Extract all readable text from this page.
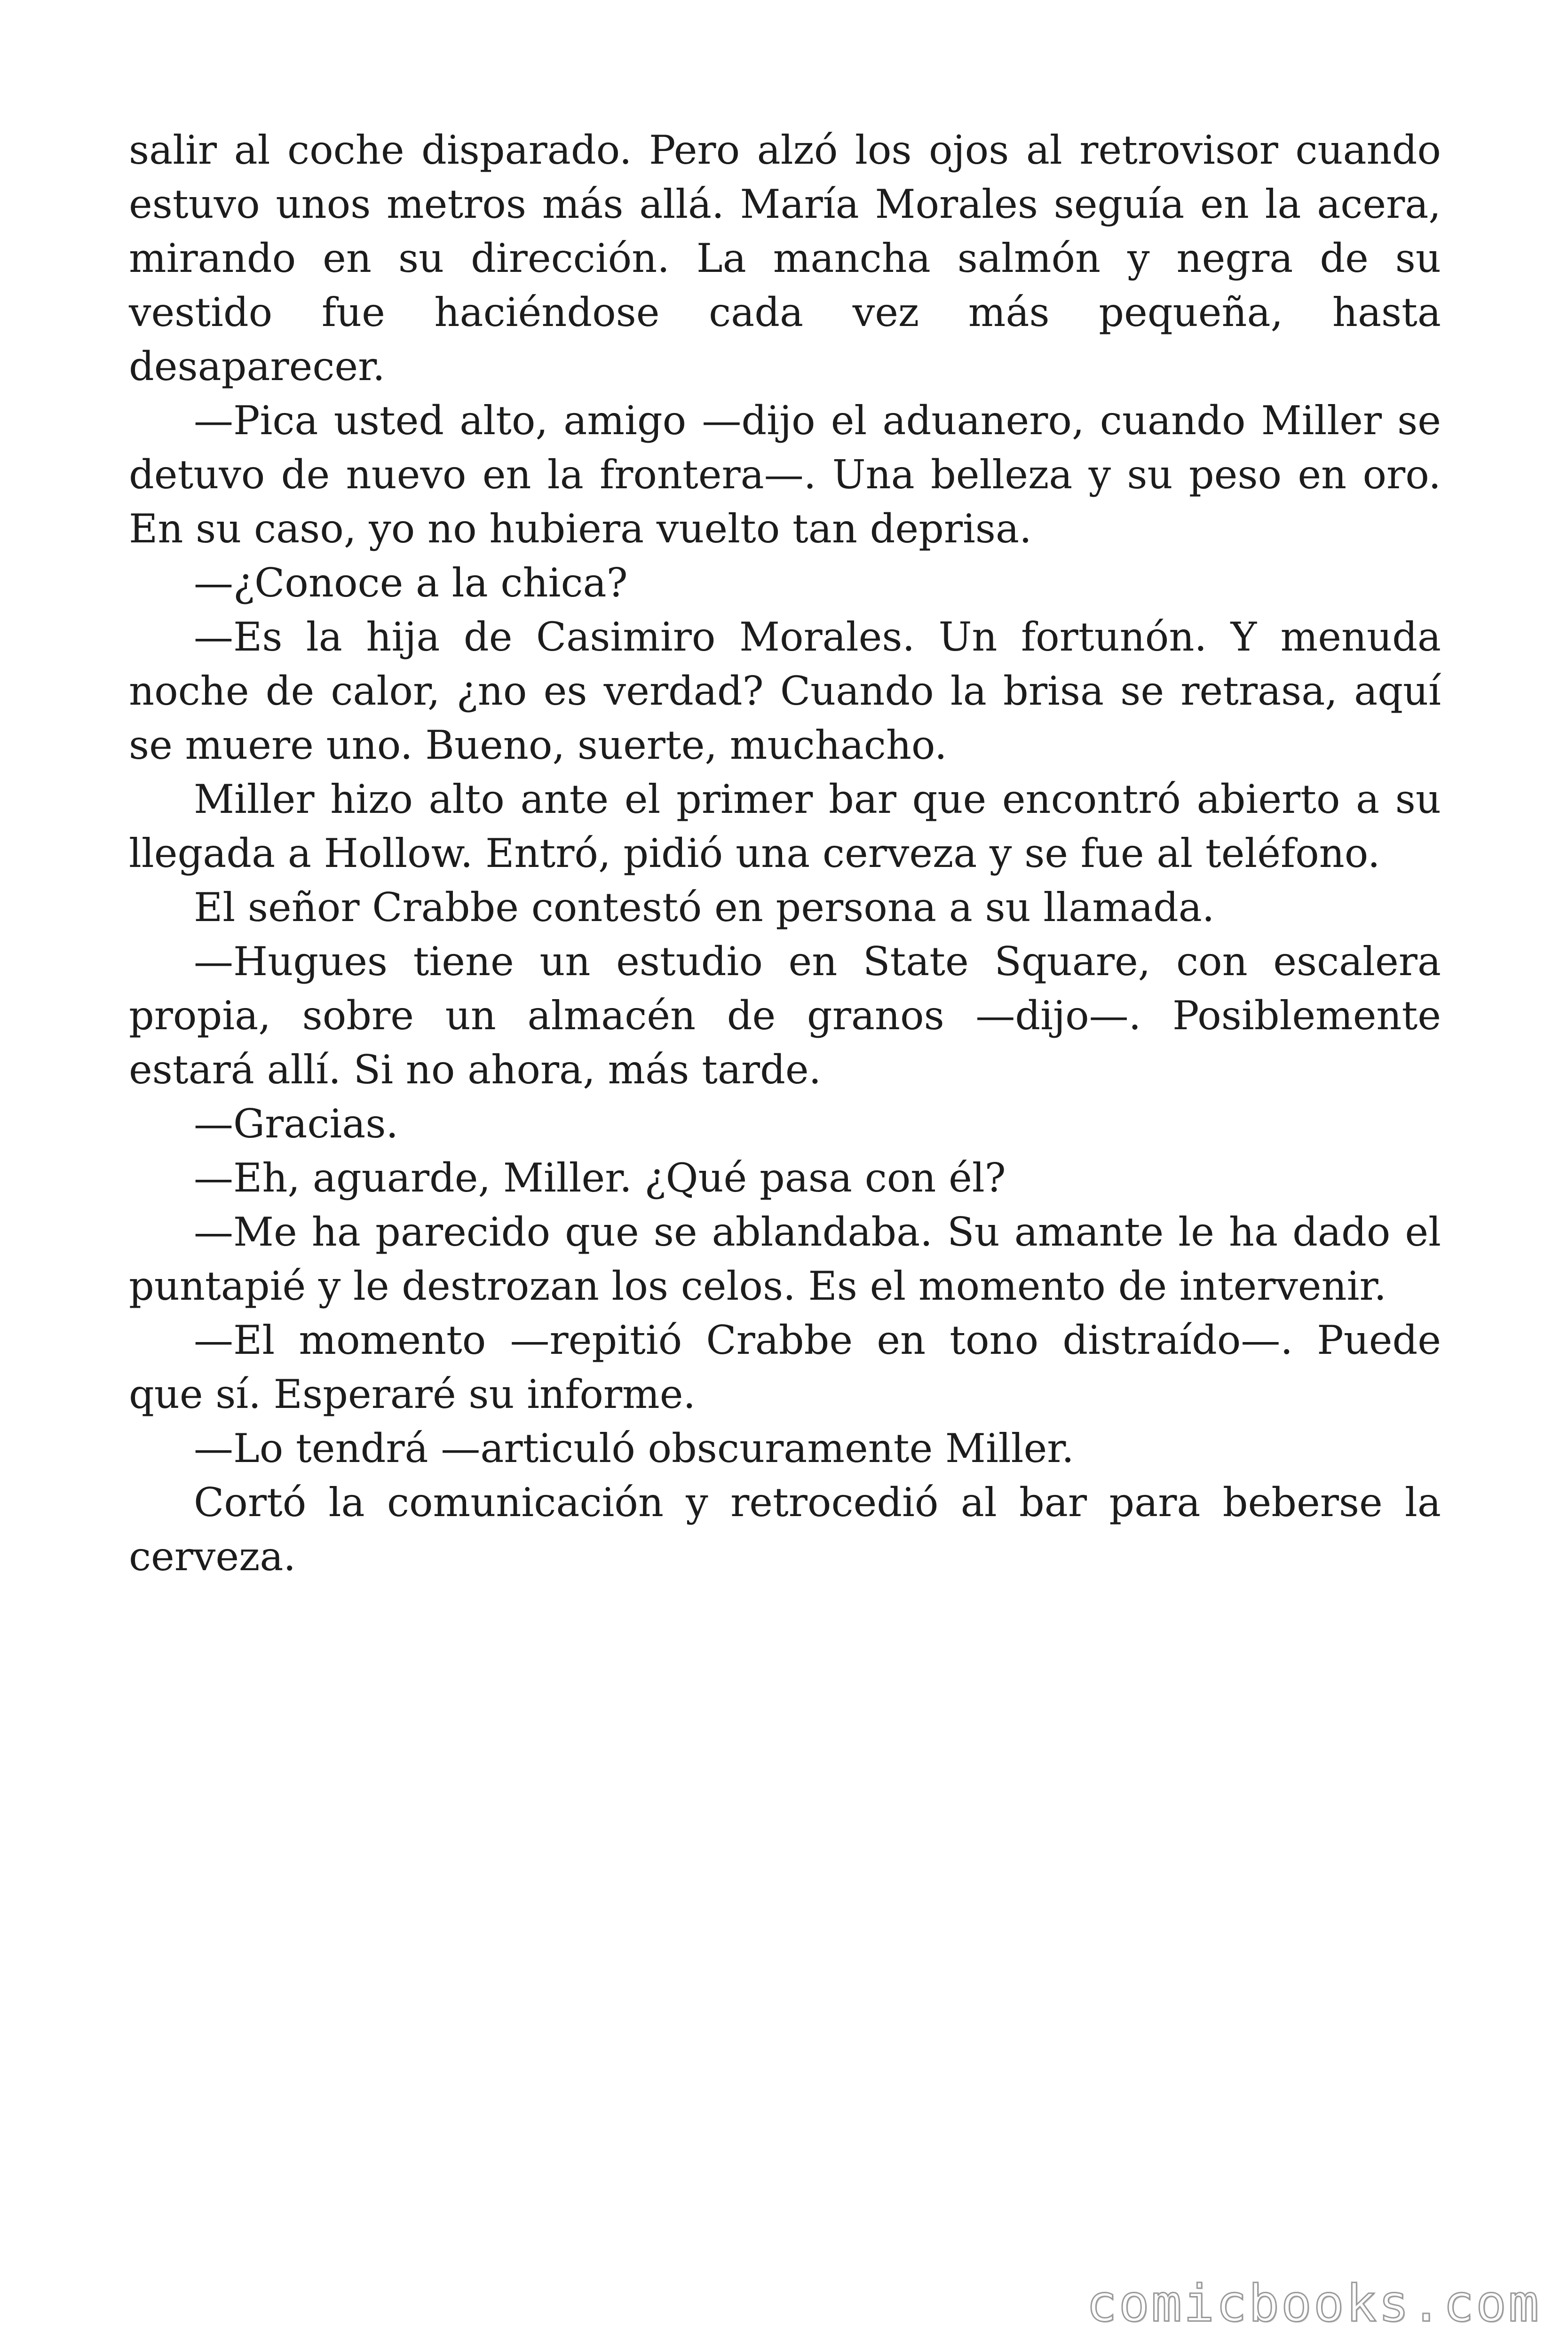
salir al coche disparado. Pero alzó los ojos al retrovisor cuando estuvo unos metros más allá. María Morales seguía en la acera, mirando en su dirección. La mancha salmón y negra de su vestido fue haciéndose cada vez más pequeña, hasta desaparecer.

—Pica usted alto, amigo —dijo el aduanero, cuando Miller se detuvo de nuevo en la frontera—. Una belleza y su peso en oro. En su caso, yo no hubiera vuelto tan deprisa.

—¿Conoce a la chica?

—Es la hija de Casimiro Morales. Un fortunón. Y menuda noche de calor, ¿no es verdad? Cuando la brisa se retrasa, aquí se muere uno. Bueno, suerte, muchacho.

Miller hizo alto ante el primer bar que encontró abierto a su llegada a Hollow. Entró, pidió una cerveza y se fue al teléfono.

El señor Crabbe contestó en persona a su llamada.

—Hugues tiene un estudio en State Square, con escalera propia, sobre un almacén de granos —dijo—. Posiblemente estará allí. Si no ahora, más tarde.

—Gracias.

—Eh, aguarde, Miller. ¿Qué pasa con él?

—Me ha parecido que se ablandaba. Su amante le ha dado el puntapié y le destrozan los celos. Es el momento de intervenir.

—El momento —repitió Crabbe en tono distraído—. Puede que sí. Esperaré su informe.

—Lo tendrá —articuló obscuramente Miller.

Cortó la comunicación y retrocedió al bar para beberse la cerveza.

comicbooks.com
